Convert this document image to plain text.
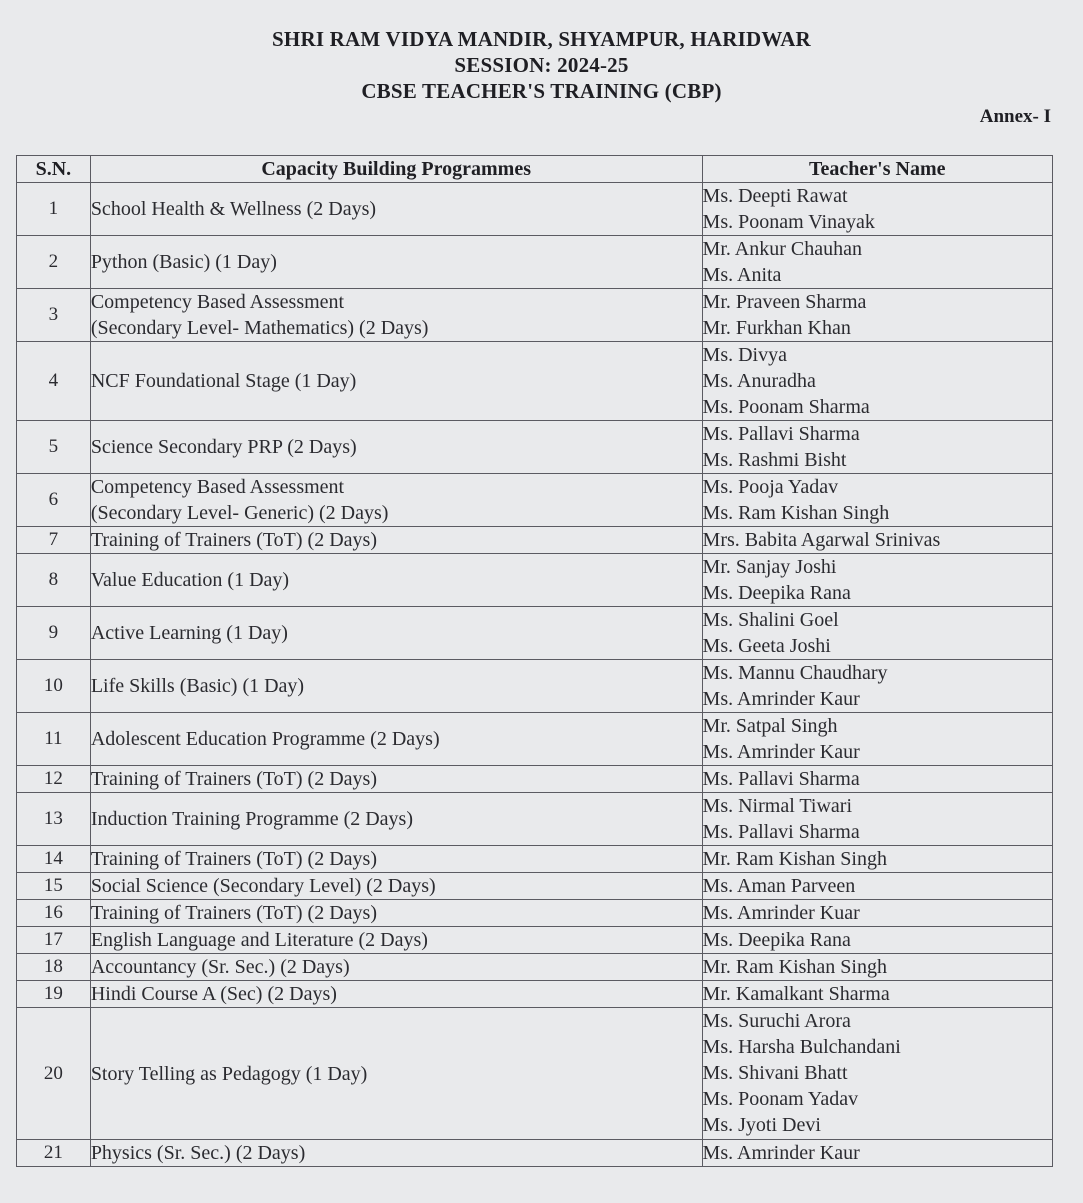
SHRI RAM VIDYA MANDIR, SHYAMPUR, HARIDWAR
SESSION: 2024-25
CBSE TEACHER'S TRAINING (CBP)
Annex- I
S.N.	Capacity Building Programmes	Teacher's Name
1	School Health & Wellness (2 Days)	Ms. Deepti Rawat
Ms. Poonam Vinayak

2	Python (Basic) (1 Day)	Mr. Ankur Chauhan
Ms. Anita

3	Competency Based Assessment
(Secondary Level- Mathematics) (2 Days)	Mr. Praveen Sharma
Mr. Furkhan Khan

4	NCF Foundational Stage (1 Day)	Ms. Divya
Ms. Anuradha
Ms. Poonam Sharma

5	Science Secondary PRP (2 Days)	Ms. Pallavi Sharma
Ms. Rashmi Bisht

6	Competency Based Assessment
(Secondary Level- Generic) (2 Days)	Ms. Pooja Yadav
Ms. Ram Kishan Singh

7	Training of Trainers (ToT) (2 Days)	Mrs. Babita Agarwal Srinivas

8	Value Education (1 Day)	Mr. Sanjay Joshi
Ms. Deepika Rana

9	Active Learning (1 Day)	Ms. Shalini Goel
Ms. Geeta Joshi

10	Life Skills (Basic) (1 Day)	Ms. Mannu Chaudhary
Ms. Amrinder Kaur

11	Adolescent Education Programme (2 Days)	Mr. Satpal Singh
Ms. Amrinder Kaur

12	Training of Trainers (ToT) (2 Days)	Ms. Pallavi Sharma

13	Induction Training Programme (2 Days)	Ms. Nirmal Tiwari
Ms. Pallavi Sharma

14	Training of Trainers (ToT) (2 Days)	Mr. Ram Kishan Singh

15	Social Science (Secondary Level) (2 Days)	Ms. Aman Parveen

16	Training of Trainers (ToT) (2 Days)	Ms. Amrinder Kuar

17	English Language and Literature (2 Days)	Ms. Deepika Rana

18	Accountancy (Sr. Sec.) (2 Days)	Mr. Ram Kishan Singh

19	Hindi Course A (Sec) (2 Days)	Mr. Kamalkant Sharma

20	Story Telling as Pedagogy (1 Day)	Ms. Suruchi Arora
Ms. Harsha Bulchandani
Ms. Shivani Bhatt
Ms. Poonam Yadav
Ms. Jyoti Devi

21	Physics (Sr. Sec.) (2 Days)	Ms. Amrinder Kaur
